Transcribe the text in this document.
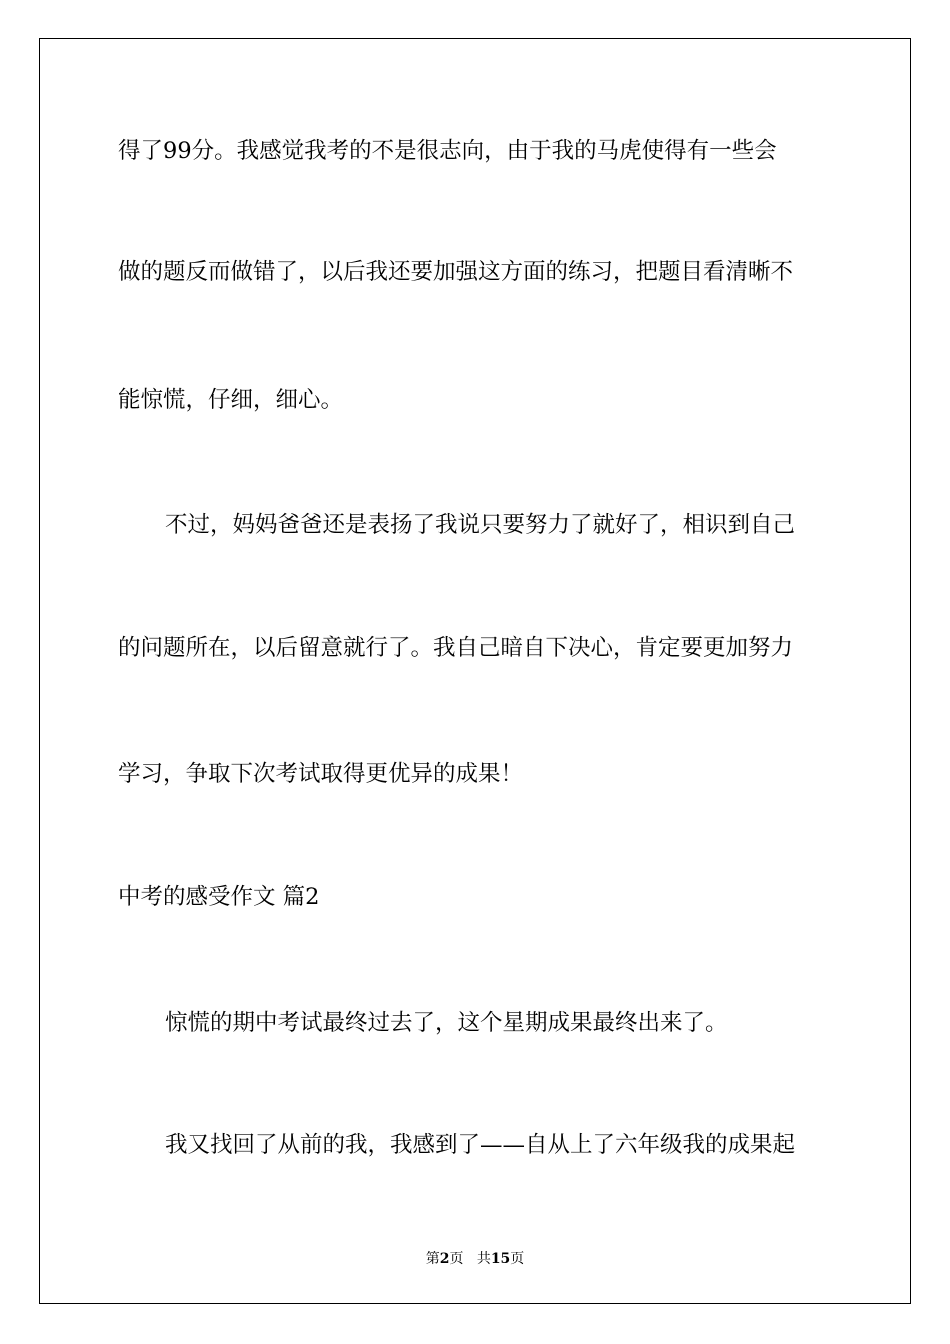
得了99分。我感觉我考的不是很志向，由于我的马虎使得有一些会
做的题反而做错了，以后我还要加强这方面的练习，把题目看清晰不
能惊慌，仔细，细心。
不过，妈妈爸爸还是表扬了我说只要努力了就好了，相识到自己
的问题所在，以后留意就行了。我自己暗自下决心，肯定要更加努力
学习，争取下次考试取得更优异的成果！
中考的感受作文 篇2
惊慌的期中考试最终过去了，这个星期成果最终出来了。
我又找回了从前的我，我感到了——自从上了六年级我的成果起
第2页 共15页
